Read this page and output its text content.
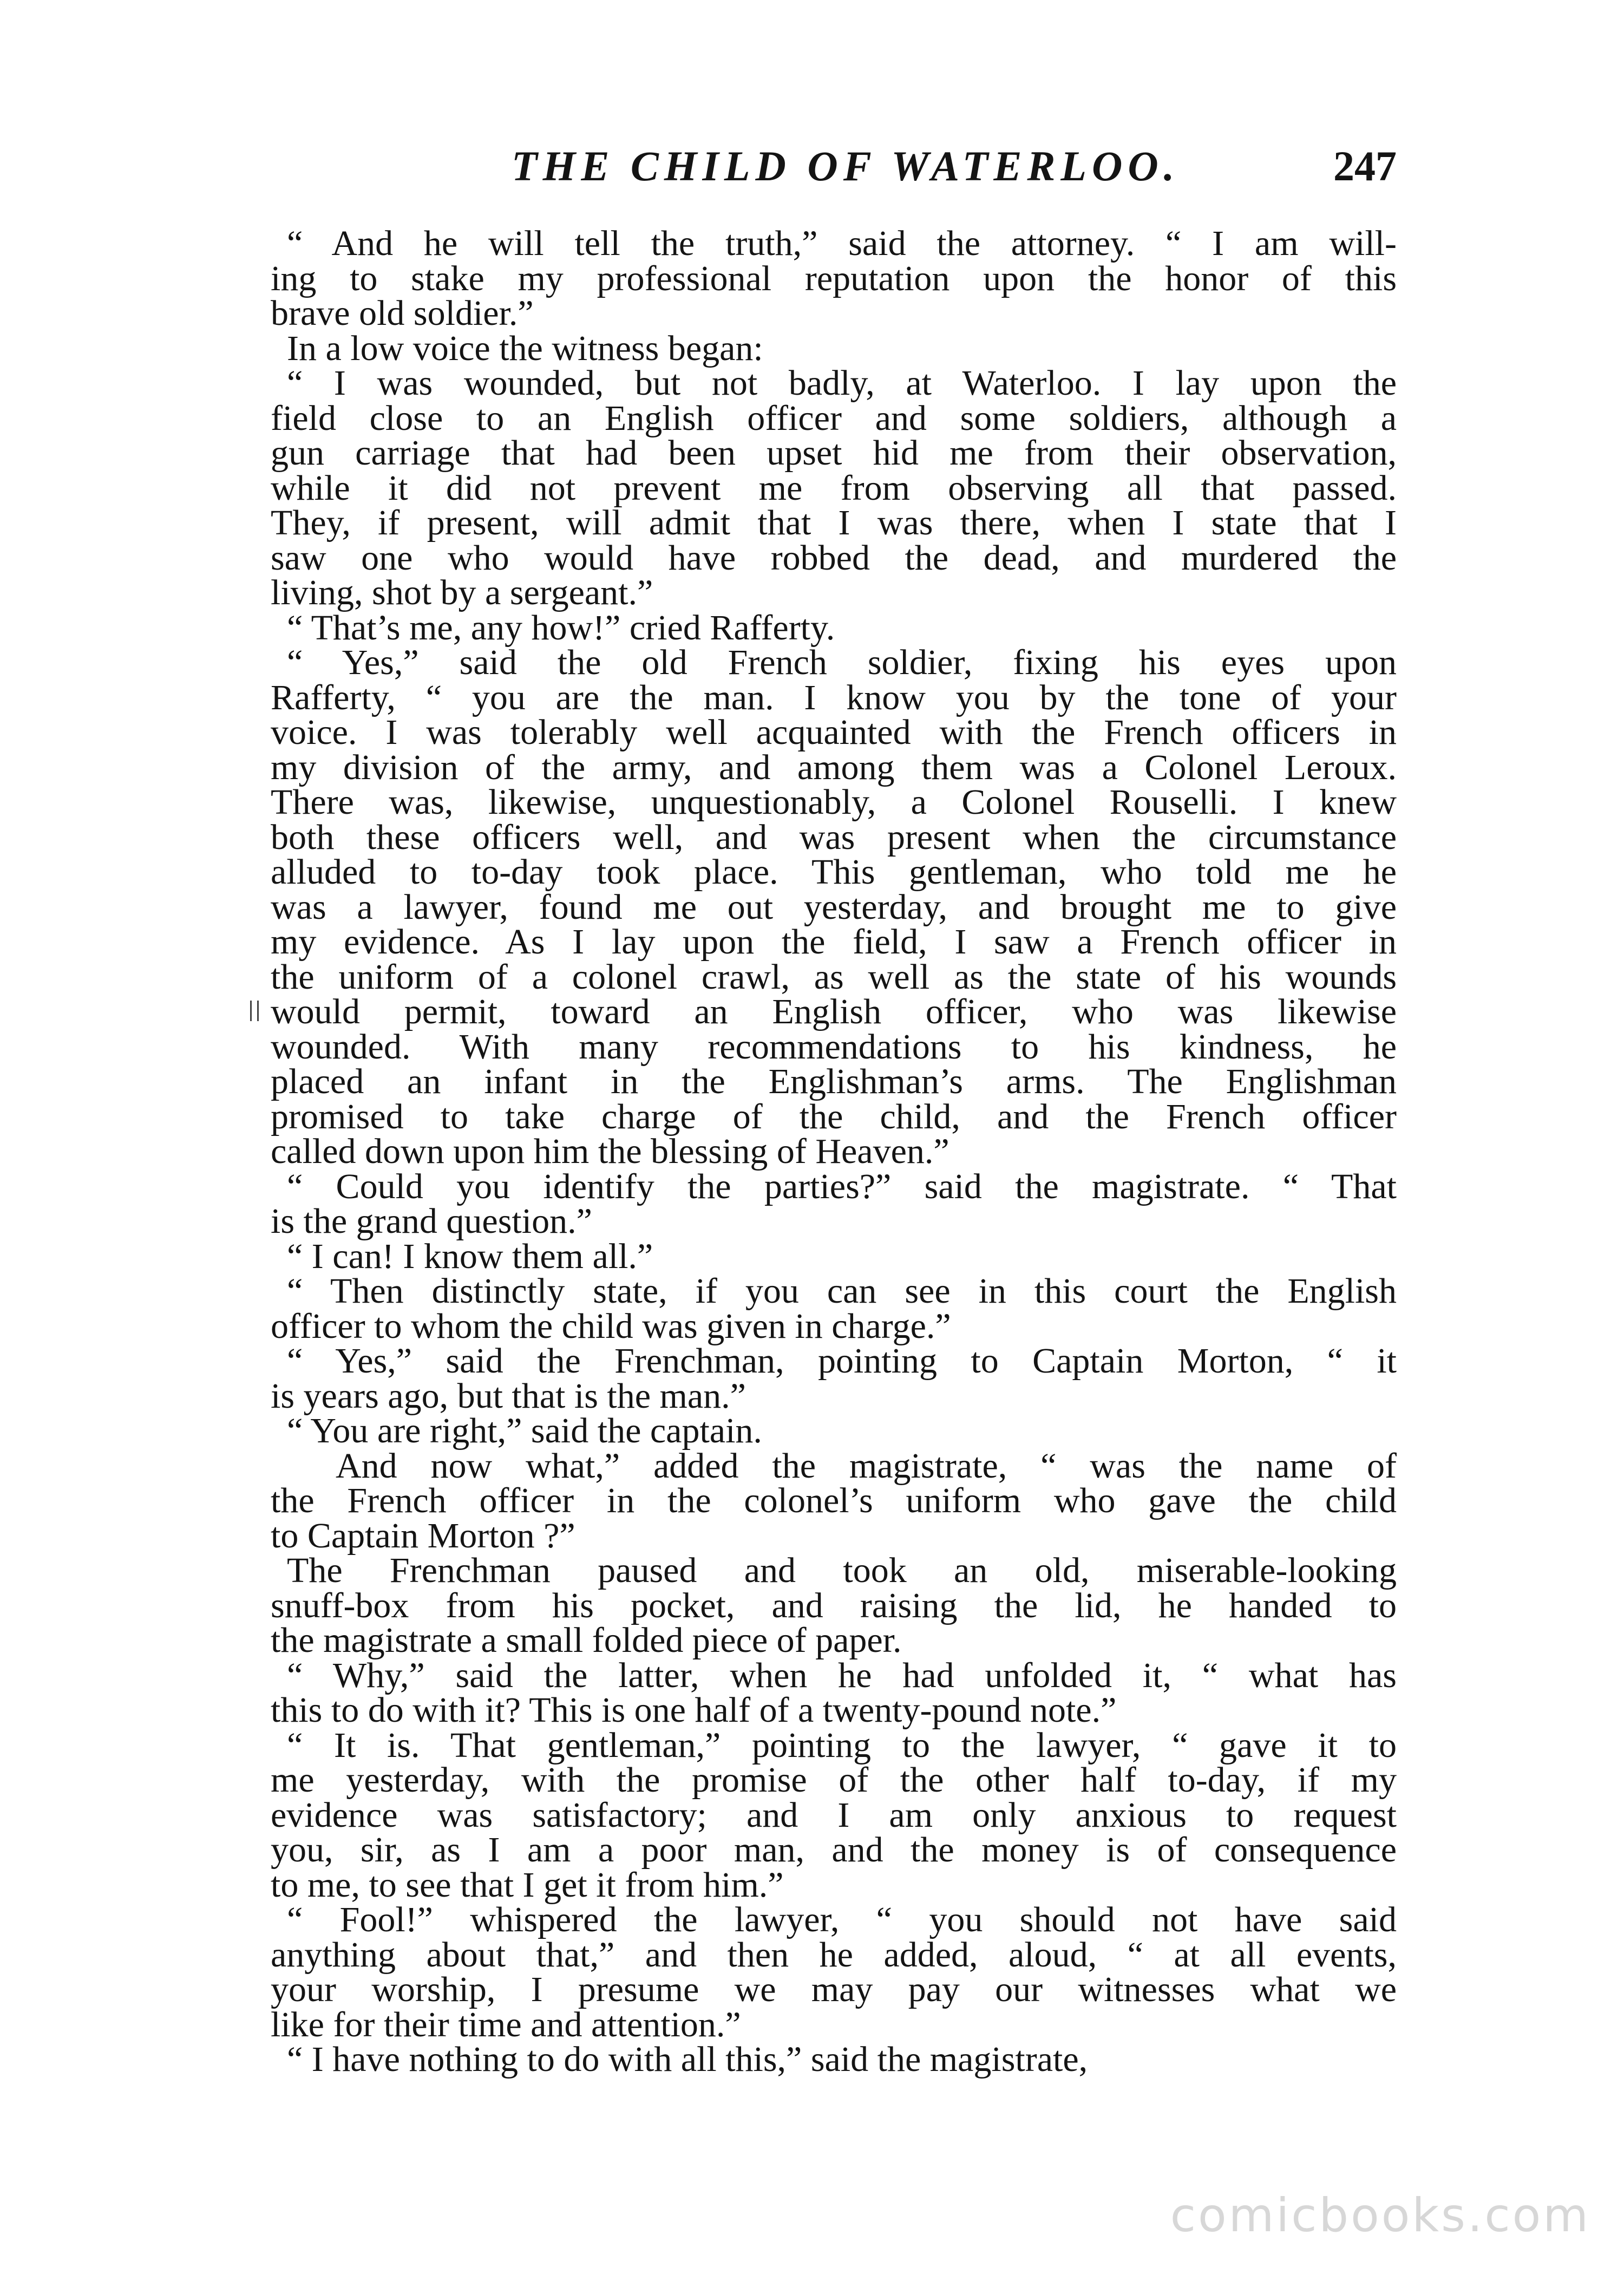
THE CHILD OF WATERLOO.	247
“ And he will tell the truth,” said the attorney. “ I am will-
ing to stake my professional reputation upon the honor of this
brave old soldier.”
In a low voice the witness began:
“ I was wounded, but not badly, at Waterloo. I lay upon the
field close to an English officer and some soldiers, although a
gun carriage that had been upset hid me from their observation,
while it did not prevent me from observing all that passed.
They, if present, will admit that I was there, when I state that I
saw one who would have robbed the dead, and murdered the
living, shot by a sergeant.”
“ That’s me, any how!” cried Rafferty.
“ Yes,” said the old French soldier, fixing his eyes upon
Rafferty, “ you are the man. I know you by the tone of your
voice. I was tolerably well acquainted with the French officers in
my division of the army, and among them was a Colonel Leroux.
There was, likewise, unquestionably, a Colonel Rouselli. I knew
both these officers well, and was present when the circumstance
alluded to to-day took place. This gentleman, who told me he
was a lawyer, found me out yesterday, and brought me to give
my evidence. As I lay upon the field, I saw a French officer in
the uniform of a colonel crawl, as well as the state of his wounds
would permit, toward an English officer, who was likewise
wounded. With many recommendations to his kindness, he
placed an infant in the Englishman’s arms. The Englishman
promised to take charge of the child, and the French officer
called down upon him the blessing of Heaven.”
“ Could you identify the parties?” said the magistrate. “ That
is the grand question.”
“ I can! I know them all.”
“ Then distinctly state, if you can see in this court the English
officer to whom the child was given in charge.”
“ Yes,” said the Frenchman, pointing to Captain Morton, “ it
is years ago, but that is the man.”
“ You are right,” said the captain.
And now what,” added the magistrate, “ was the name of
the French officer in the colonel’s uniform who gave the child
to Captain Morton ?”
The Frenchman paused and took an old, miserable-looking
snuff-box from his pocket, and raising the lid, he handed to
the magistrate a small folded piece of paper.
“ Why,” said the latter, when he had unfolded it, “ what has
this to do with it? This is one half of a twenty-pound note.”
“ It is. That gentleman,” pointing to the lawyer, “ gave it to
me yesterday, with the promise of the other half to-day, if my
evidence was satisfactory; and I am only anxious to request
you, sir, as I am a poor man, and the money is of consequence
to me, to see that I get it from him.”
“ Fool!” whispered the lawyer, “ you should not have said
anything about that,” and then he added, aloud, “ at all events,
your worship, I presume we may pay our witnesses what we
like for their time and attention.”
“ I have nothing to do with all this,” said the magistrate,
comicbooks.com
